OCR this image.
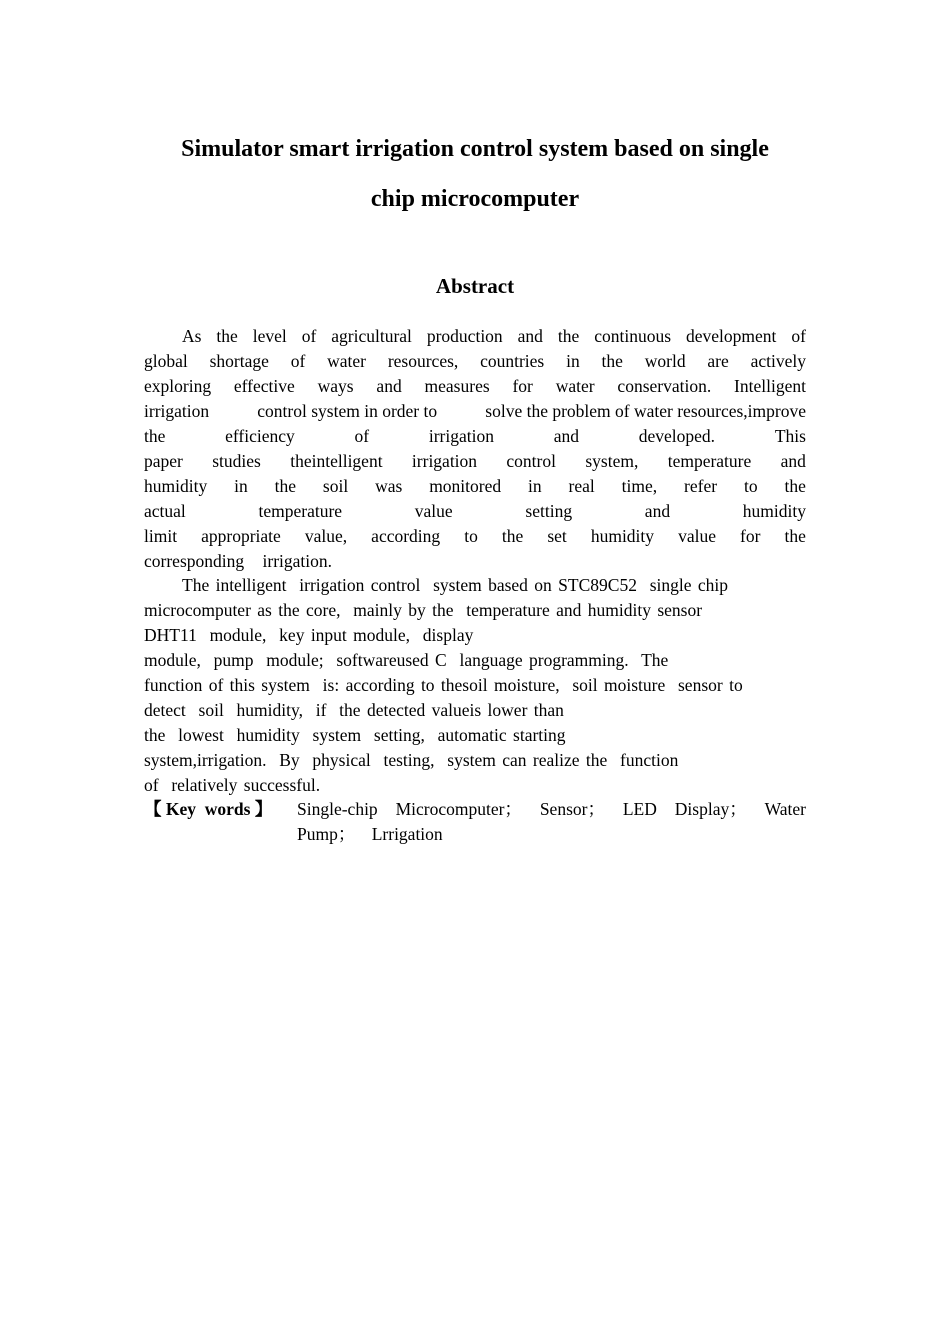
Simulator smart irrigation control system based on single
chip microcomputer
Abstract
As the level of agricultural production and the continuous development of
global shortage of water resources, countries in the world are actively
exploring effective ways and measures for water conservation. Intelligent
irrigation	control system in order to	solve the problem of water resources,improve
the	efficiency	of	irrigation	and	developed.	This
paper studies theintelligent irrigation control system, temperature and
humidity in the soil was monitored in real time, refer to the
actual	temperature	value	setting	and	humidity
limit appropriate value, according to the set humidity value for the
corresponding irrigation.
The intelligent  irrigation control  system based on STC89C52  single chip
microcomputer as the core,  mainly by the  temperature and humidity sensor
DHT11  module,  key input module,  display
module,  pump  module;  softwareused C  language programming.  The
function of this system  is: according to thesoil moisture,  soil moisture  sensor to
detect  soil  humidity,  if  the detected valueis lower than
the  lowest  humidity  system  setting,  automatic starting
system,irrigation.  By  physical  testing,  system can realize the  function
of  relatively successful.
【 Key  words 】	Single-chip Microcomputer； Sensor； LED Display； Water
Pump； Lrrigation
